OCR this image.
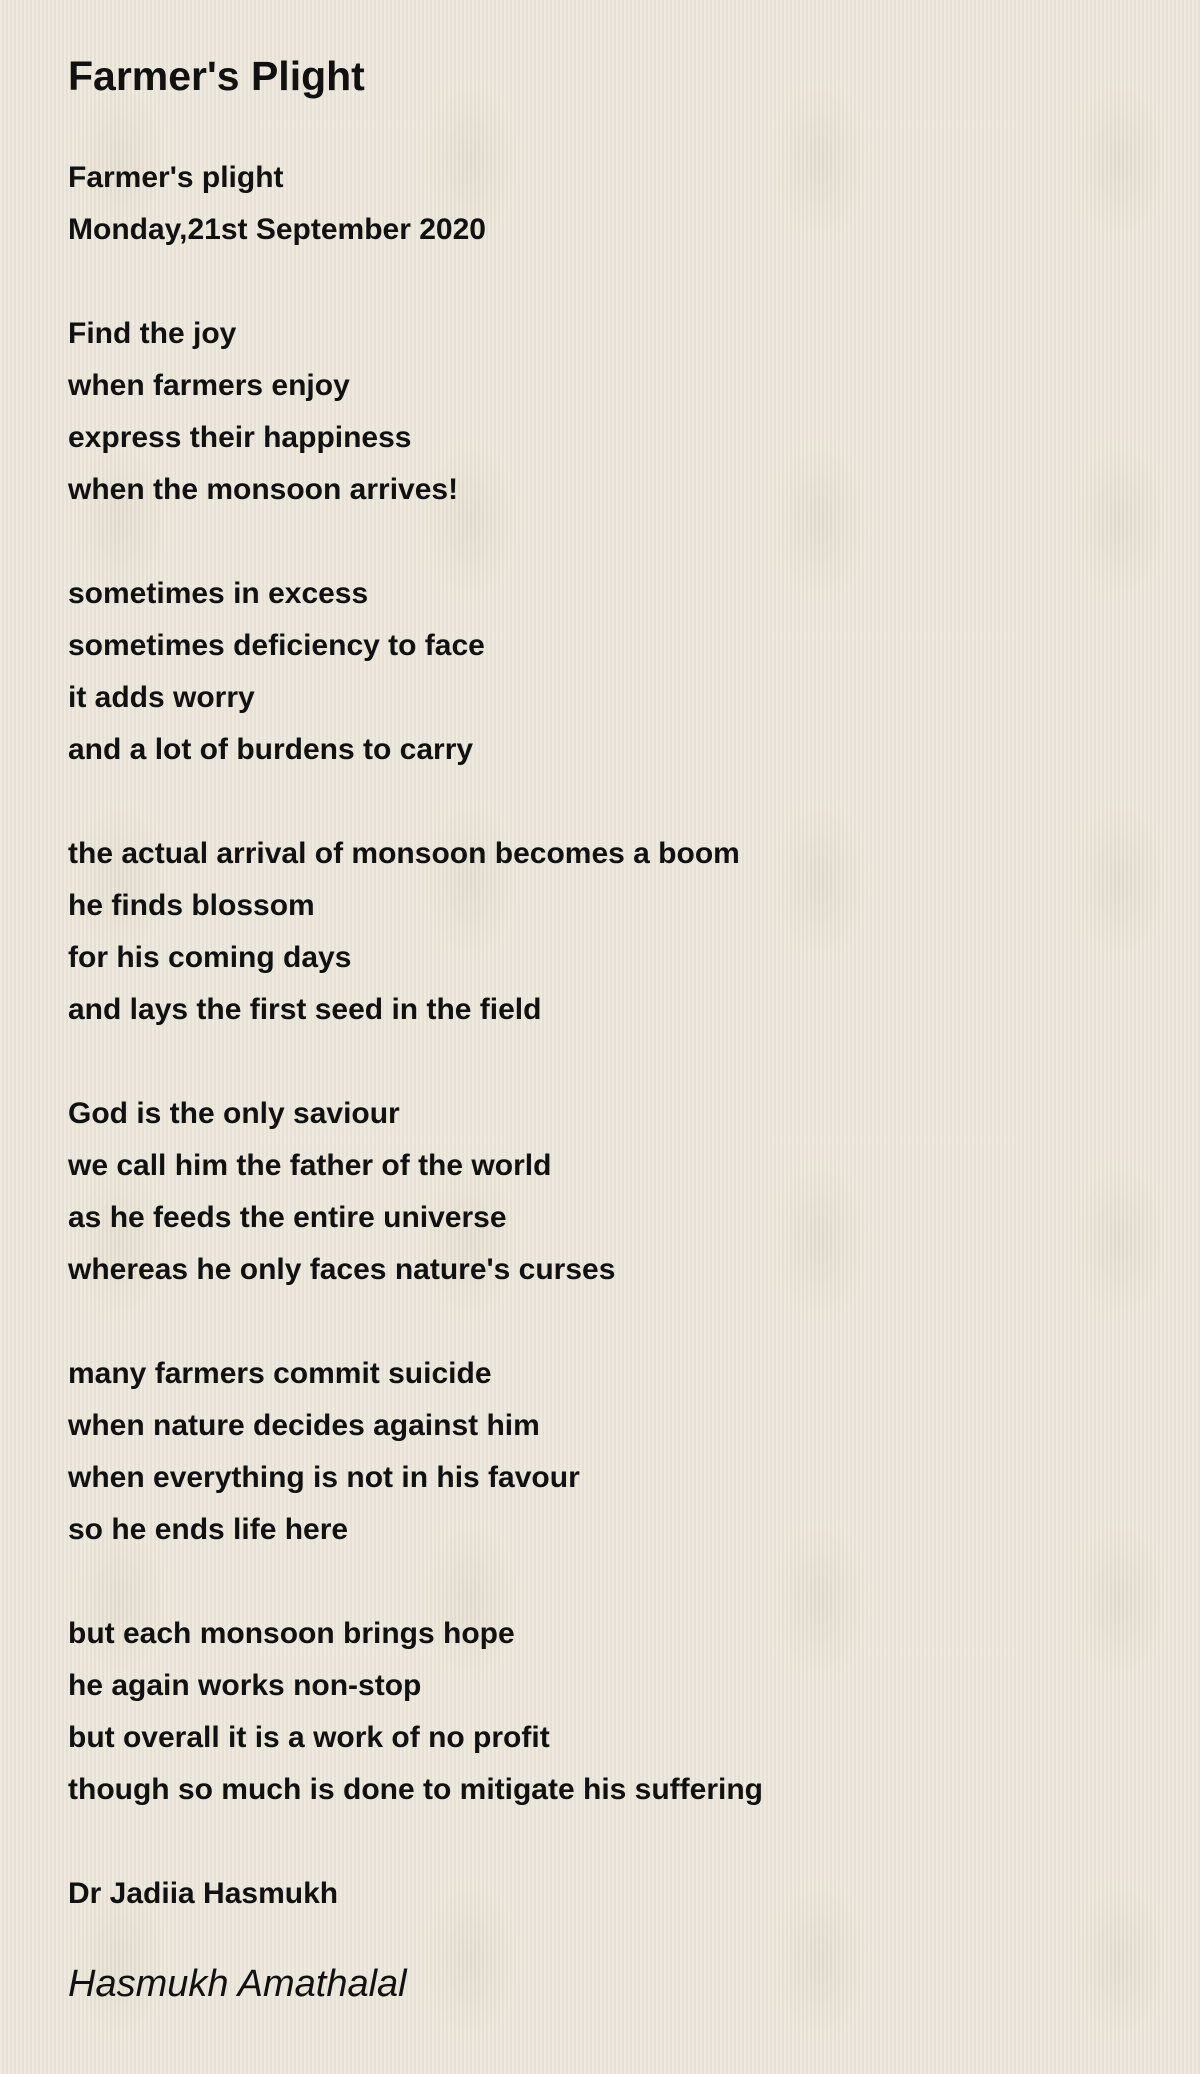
Farmer's Plight
Farmer's plight
Monday,21st September 2020
Find the joy
when farmers enjoy
express their happiness
when the monsoon arrives!
sometimes in excess
sometimes deficiency to face
it adds worry
and a lot of burdens to carry
the actual arrival of monsoon becomes a boom
he finds blossom
for his coming days
and lays the first seed in the field
God is the only saviour
we call him the father of the world
as he feeds the entire universe
whereas he only faces nature's curses
many farmers commit suicide
when nature decides against him
when everything is not in his favour
so he ends life here
but each monsoon brings hope
he again works non-stop
but overall it is a work of no profit
though so much is done to mitigate his suffering
Dr Jadiia Hasmukh
Hasmukh Amathalal
